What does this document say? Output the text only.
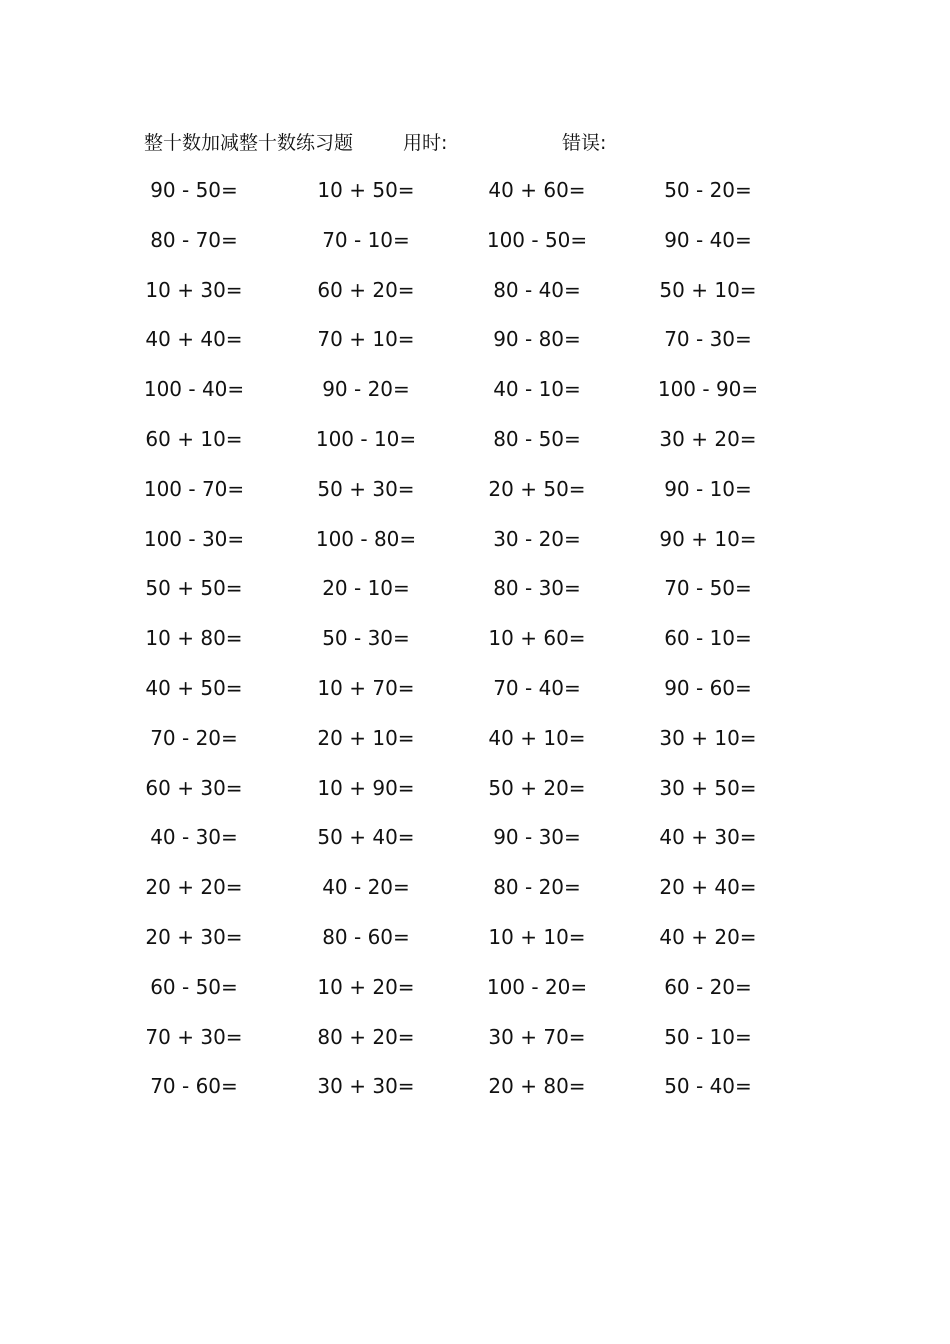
整十数加减整十数练习题	用时:	错误:
90 - 50=	10 + 50=	40 + 60=	50 - 20=
80 - 70=	70 - 10=	100 - 50=	90 - 40=
10 + 30=	60 + 20=	80 - 40=	50 + 10=
40 + 40=	70 + 10=	90 - 80=	70 - 30=
100 - 40=	90 - 20=	40 - 10=	100 - 90=
60 + 10=	100 - 10=	80 - 50=	30 + 20=
100 - 70=	50 + 30=	20 + 50=	90 - 10=
100 - 30=	100 - 80=	30 - 20=	90 + 10=
50 + 50=	20 - 10=	80 - 30=	70 - 50=
10 + 80=	50 - 30=	10 + 60=	60 - 10=
40 + 50=	10 + 70=	70 - 40=	90 - 60=
70 - 20=	20 + 10=	40 + 10=	30 + 10=
60 + 30=	10 + 90=	50 + 20=	30 + 50=
40 - 30=	50 + 40=	90 - 30=	40 + 30=
20 + 20=	40 - 20=	80 - 20=	20 + 40=
20 + 30=	80 - 60=	10 + 10=	40 + 20=
60 - 50=	10 + 20=	100 - 20=	60 - 20=
70 + 30=	80 + 20=	30 + 70=	50 - 10=
70 - 60=	30 + 30=	20 + 80=	50 - 40=
